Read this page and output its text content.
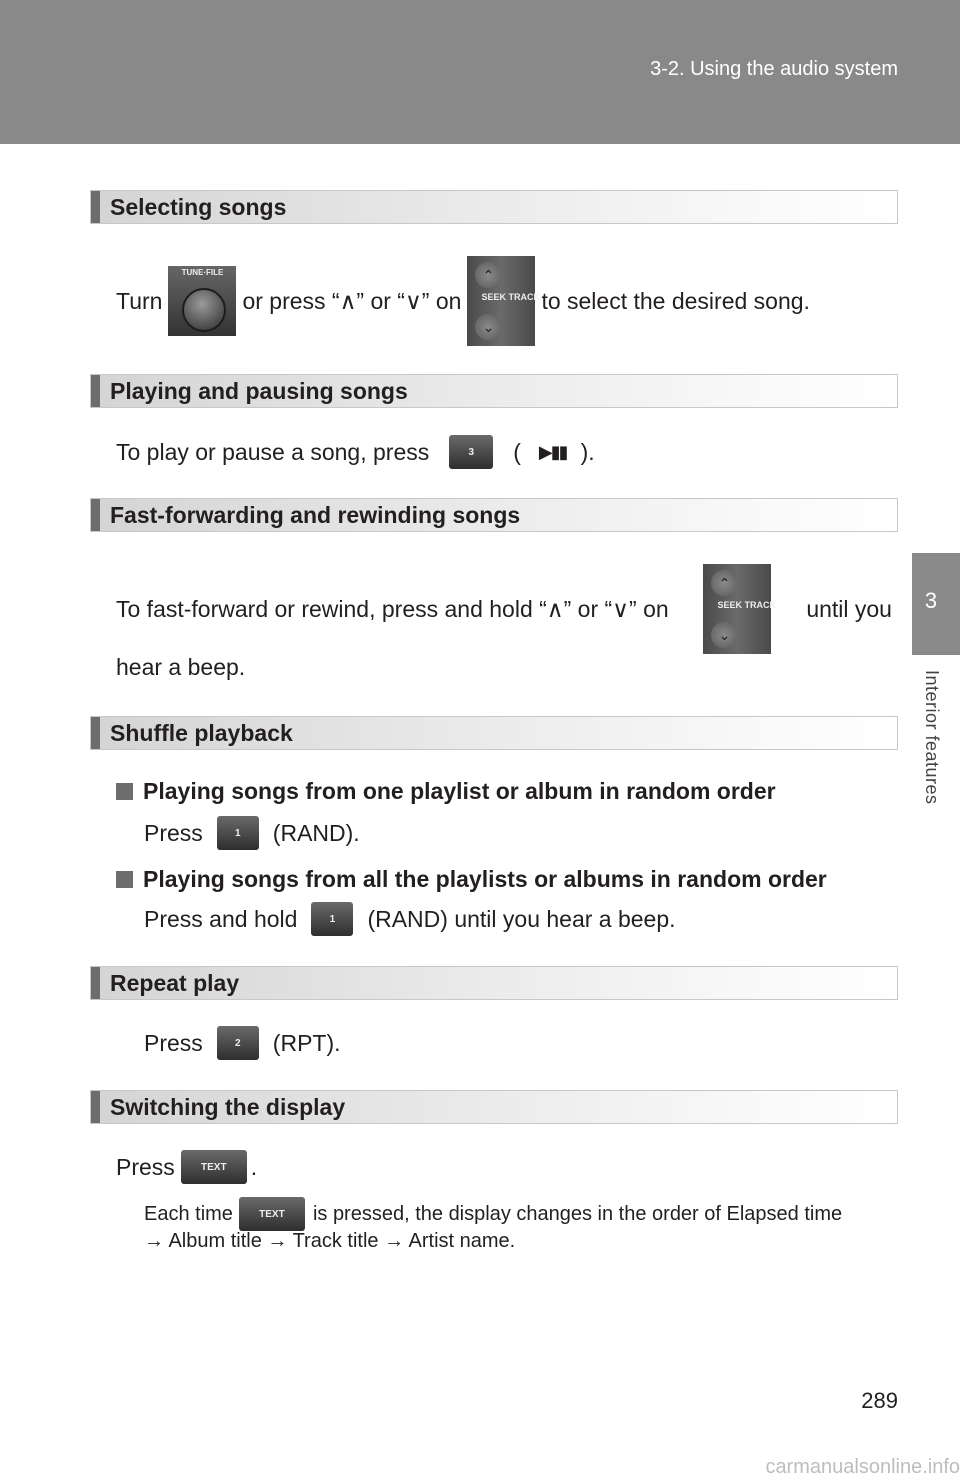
3-2. Using the audio system
3
Interior features
Selecting songs
Turn
TUNE·FILE
or press “∧” or “∨” on
⌃
SEEK TRACK
⌄
to select the desired song.
Playing and pausing songs
To play or pause a song, press	3	( ▶▮▮ ).
Fast-forwarding and rewinding songs
To fast-forward or rewind, press and hold “∧” or “∨” on
⌃
SEEK TRACK
⌄
until you
hear a beep.
Shuffle playback
Playing songs from one playlist or album in random order
Press	1	(RAND).
Playing songs from all the playlists or albums in random order
Press and hold	1	(RAND) until you hear a beep.
Repeat play
Press	2	(RPT).
Switching the display
Press	TEXT	.
Each time	TEXT	is pressed, the display changes in the order of Elapsed time
→ Album title → Track title → Artist name.
289
carmanualsonline.info
